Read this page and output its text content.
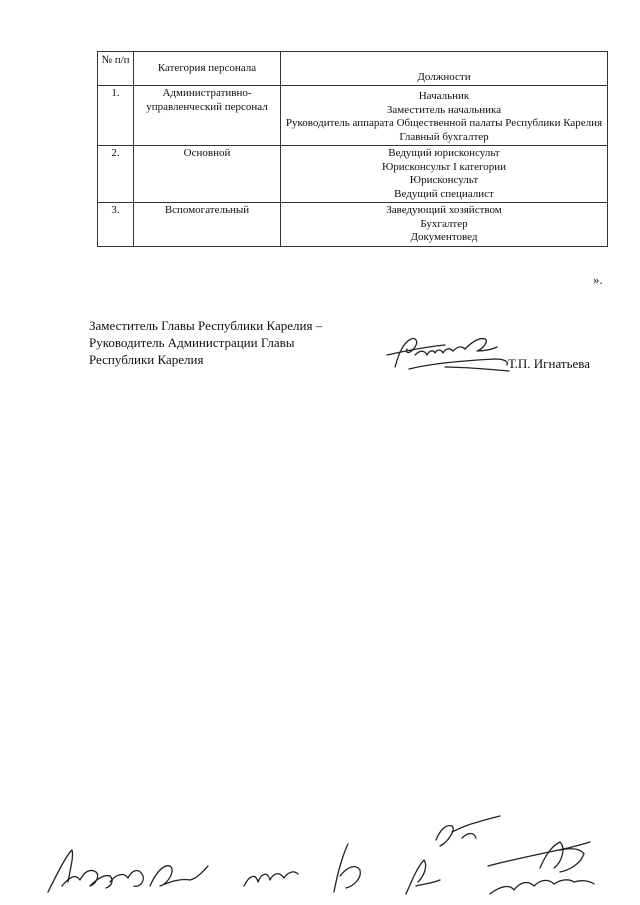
№ п/п	Категория персонала	Должности
1.	Административно-управленческий персонал	Начальник
Заместитель начальника
Руководитель аппарата Общественной палаты Республики Карелия
Главный бухгалтер

2.	Основной	Ведущий юрисконсульт
Юрисконсульт I категории
Юрисконсульт
Ведущий специалист

3.	Вспомогательный	Заведующий хозяйством
Бухгалтер
Документовед
».
Заместитель Главы Республики Карелия –
Руководитель Администрации Главы
Республики Карелия	Т.П. Игнатьева
